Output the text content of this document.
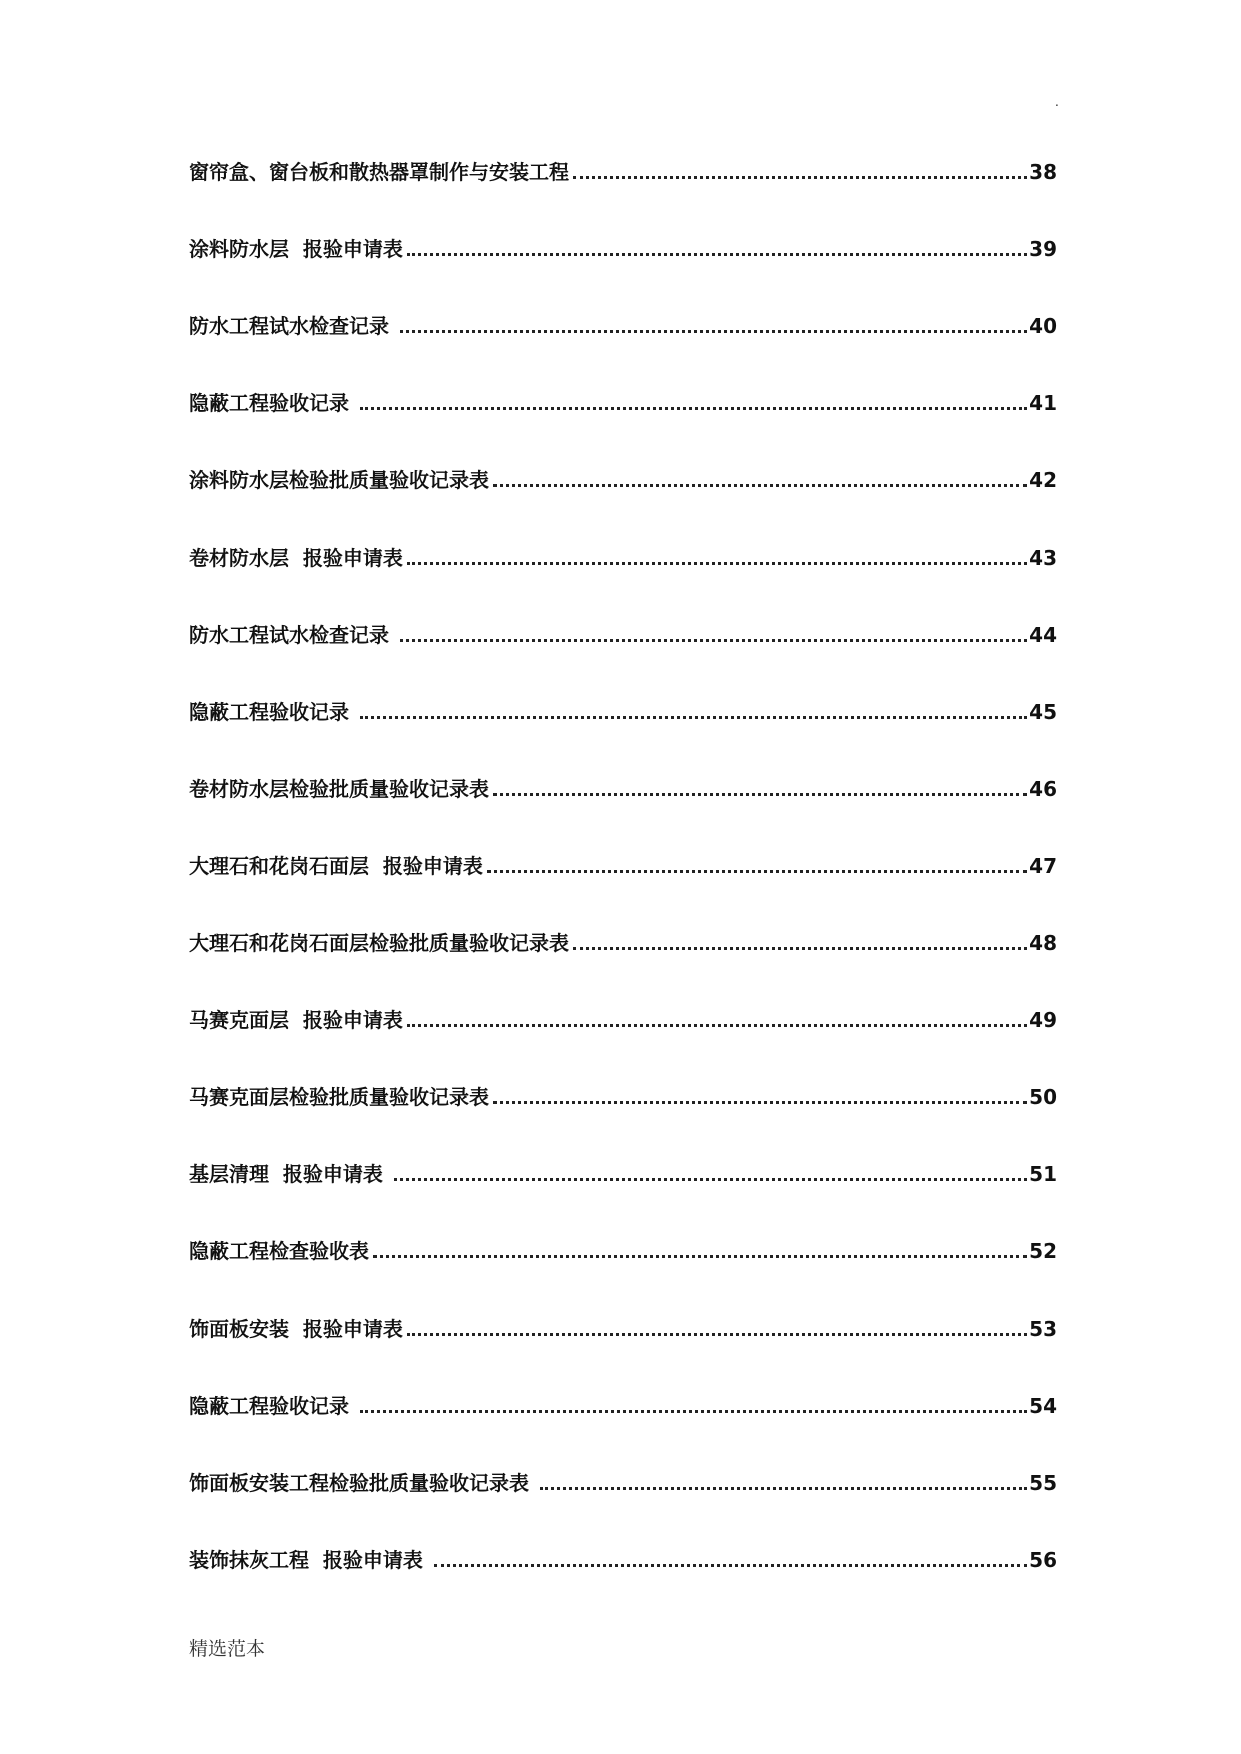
.
窗帘盒、窗台板和散热器罩制作与安装工程	38
涂料防水层  报验申请表	39
防水工程试水检查记录	40
隐蔽工程验收记录	41
涂料防水层检验批质量验收记录表	42
卷材防水层  报验申请表	43
防水工程试水检查记录	44
隐蔽工程验收记录	45
卷材防水层检验批质量验收记录表	46
大理石和花岗石面层  报验申请表	47
大理石和花岗石面层检验批质量验收记录表	48
马赛克面层  报验申请表	49
马赛克面层检验批质量验收记录表	50
基层清理  报验申请表	51
隐蔽工程检查验收表	52
饰面板安装  报验申请表	53
隐蔽工程验收记录	54
饰面板安装工程检验批质量验收记录表	55
装饰抹灰工程  报验申请表	56
精选范本
